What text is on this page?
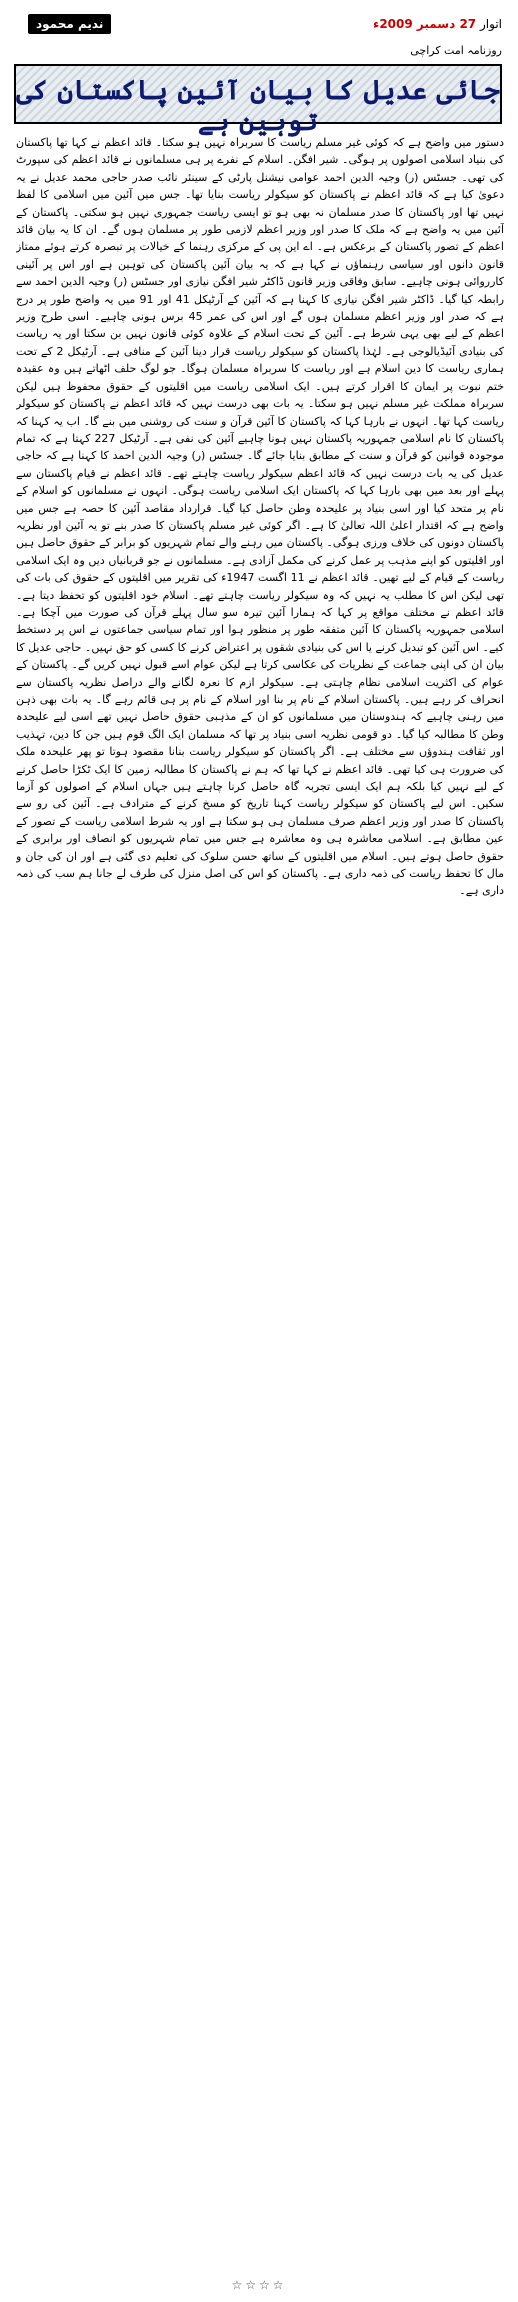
ندیم محمود	اتوار 27 دسمبر 2009ء
روزنامہ امت کراچی
جائی عدیل کا بیان آئین پاکستان کی توہین ہے

دستور میں واضح ہے کہ کوئی غیر مسلم ریاست کا سربراہ نہیں ہو سکتا۔ قائد اعظم نے کہا تھا پاکستان کی بنیاد اسلامی اصولوں پر ہوگی۔ شیر افگن۔ اسلام کے نفرے پر ہی مسلمانوں نے قائد اعظم کی سپورٹ کی تھی۔ جسٹس (ر) وجیہ الدین احمد عوامی نیشنل پارٹی کے سینئر نائب صدر حاجی محمد عدیل نے یہ دعویٰ کیا ہے کہ قائد اعظم نے پاکستان کو سیکولر ریاست بنایا تھا۔ جس میں آئین میں اسلامی کا لفظ نہیں تھا اور پاکستان کا صدر مسلمان نہ بھی ہو تو ایسی ریاست جمہوری نہیں ہو سکتی۔ پاکستان کے آئین میں یہ واضح ہے کہ ملک کا صدر اور وزیر اعظم لازمی طور پر مسلمان ہوں گے۔ ان کا یہ بیان قائد اعظم کے تصور پاکستان کے برعکس ہے۔ اے این پی کے مرکزی رہنما کے خیالات پر تبصرہ کرتے ہوئے ممتاز قانون دانوں اور سیاسی رہنماؤں نے کہا ہے کہ یہ بیان آئین پاکستان کی توہین ہے اور اس پر آئینی کارروائی ہونی چاہیے۔ سابق وفاقی وزیر قانون ڈاکٹر شیر افگن نیازی اور جسٹس (ر) وجیہ الدین احمد سے رابطہ کیا گیا۔ ڈاکٹر شیر افگن نیازی کا کہنا ہے کہ آئین کے آرٹیکل 41 اور 91 میں یہ واضح طور پر درج ہے کہ صدر اور وزیر اعظم مسلمان ہوں گے اور اس کی عمر 45 برس ہونی چاہیے۔ اسی طرح وزیر اعظم کے لیے بھی یہی شرط ہے۔ آئین کے تحت اسلام کے علاوہ کوئی قانون نہیں بن سکتا اور یہ ریاست کی بنیادی آئیڈیالوجی ہے۔ لہٰذا پاکستان کو سیکولر ریاست قرار دینا آئین کے منافی ہے۔ آرٹیکل 2 کے تحت ہماری ریاست کا دین اسلام ہے اور ریاست کا سربراہ مسلمان ہوگا۔ جو لوگ حلف اٹھاتے ہیں وہ عقیدہ ختم نبوت پر ایمان کا اقرار کرتے ہیں۔ ایک اسلامی ریاست میں اقلیتوں کے حقوق محفوظ ہیں لیکن سربراہ مملکت غیر مسلم نہیں ہو سکتا۔ یہ بات بھی درست نہیں کہ قائد اعظم نے پاکستان کو سیکولر ریاست کہا تھا۔ انہوں نے بارہا کہا کہ پاکستان کا آئین قرآن و سنت کی روشنی میں بنے گا۔ اب یہ کہنا کہ پاکستان کا نام اسلامی جمہوریہ پاکستان نہیں ہونا چاہیے آئین کی نفی ہے۔ آرٹیکل 227 کہتا ہے کہ تمام موجودہ قوانین کو قرآن و سنت کے مطابق بنایا جائے گا۔ جسٹس (ر) وجیہ الدین احمد کا کہنا ہے کہ حاجی عدیل کی یہ بات درست نہیں کہ قائد اعظم سیکولر ریاست چاہتے تھے۔ قائد اعظم نے قیام پاکستان سے پہلے اور بعد میں بھی بارہا کہا کہ پاکستان ایک اسلامی ریاست ہوگی۔ انہوں نے مسلمانوں کو اسلام کے نام پر متحد کیا اور اسی بنیاد پر علیحدہ وطن حاصل کیا گیا۔ قرارداد مقاصد آئین کا حصہ ہے جس میں واضح ہے کہ اقتدار اعلیٰ اللہ تعالیٰ کا ہے۔ اگر کوئی غیر مسلم پاکستان کا صدر بنے تو یہ آئین اور نظریہ پاکستان دونوں کی خلاف ورزی ہوگی۔ پاکستان میں رہنے والے تمام شہریوں کو برابر کے حقوق حاصل ہیں اور اقلیتوں کو اپنے مذہب پر عمل کرنے کی مکمل آزادی ہے۔ مسلمانوں نے جو قربانیاں دیں وہ ایک اسلامی ریاست کے قیام کے لیے تھیں۔ قائد اعظم نے 11 اگست 1947ء کی تقریر میں اقلیتوں کے حقوق کی بات کی تھی لیکن اس کا مطلب یہ نہیں کہ وہ سیکولر ریاست چاہتے تھے۔ اسلام خود اقلیتوں کو تحفظ دیتا ہے۔ قائد اعظم نے مختلف مواقع پر کہا کہ ہمارا آئین تیرہ سو سال پہلے قرآن کی صورت میں آچکا ہے۔ اسلامی جمہوریہ پاکستان کا آئین متفقہ طور پر منظور ہوا اور تمام سیاسی جماعتوں نے اس پر دستخط کیے۔ اس آئین کو تبدیل کرنے یا اس کی بنیادی شقوں پر اعتراض کرنے کا کسی کو حق نہیں۔ حاجی عدیل کا بیان ان کی اپنی جماعت کے نظریات کی عکاسی کرتا ہے لیکن عوام اسے قبول نہیں کریں گے۔ پاکستان کے عوام کی اکثریت اسلامی نظام چاہتی ہے۔ سیکولر ازم کا نعرہ لگانے والے دراصل نظریہ پاکستان سے انحراف کر رہے ہیں۔ پاکستان اسلام کے نام پر بنا اور اسلام کے نام پر ہی قائم رہے گا۔ یہ بات بھی ذہن میں رہنی چاہیے کہ ہندوستان میں مسلمانوں کو ان کے مذہبی حقوق حاصل نہیں تھے اسی لیے علیحدہ وطن کا مطالبہ کیا گیا۔ دو قومی نظریہ اسی بنیاد پر تھا کہ مسلمان ایک الگ قوم ہیں جن کا دین، تہذیب اور ثقافت ہندوؤں سے مختلف ہے۔ اگر پاکستان کو سیکولر ریاست بنانا مقصود ہوتا تو پھر علیحدہ ملک کی ضرورت ہی کیا تھی۔ قائد اعظم نے کہا تھا کہ ہم نے پاکستان کا مطالبہ زمین کا ایک ٹکڑا حاصل کرنے کے لیے نہیں کیا بلکہ ہم ایک ایسی تجربہ گاہ حاصل کرنا چاہتے ہیں جہاں اسلام کے اصولوں کو آزما سکیں۔ اس لیے پاکستان کو سیکولر ریاست کہنا تاریخ کو مسخ کرنے کے مترادف ہے۔ آئین کی رو سے پاکستان کا صدر اور وزیر اعظم صرف مسلمان ہی ہو سکتا ہے اور یہ شرط اسلامی ریاست کے تصور کے عین مطابق ہے۔ اسلامی معاشرہ ہی وہ معاشرہ ہے جس میں تمام شہریوں کو انصاف اور برابری کے حقوق حاصل ہوتے ہیں۔ اسلام میں اقلیتوں کے ساتھ حسن سلوک کی تعلیم دی گئی ہے اور ان کی جان و مال کا تحفظ ریاست کی ذمہ داری ہے۔ پاکستان کو اس کی اصل منزل کی طرف لے جانا ہم سب کی ذمہ داری ہے۔

☆☆☆☆
